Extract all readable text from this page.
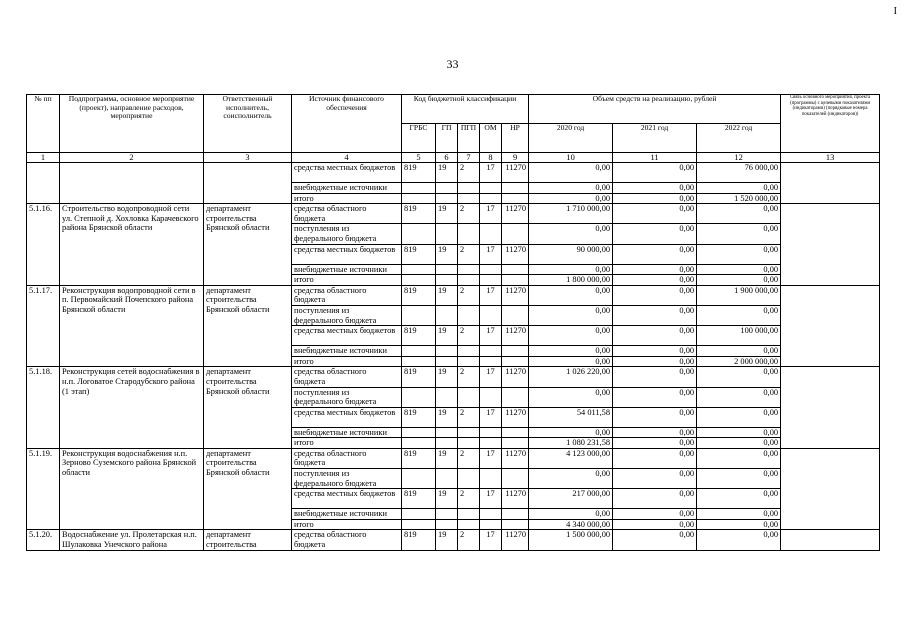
I
33
№ пп	Подпрограмма, основное мероприятие (проект), направление расходов, мероприятие	Ответственный исполнитель, соисполнитель	Источник финансового обеспечения	Код бюджетной классификации					Объем средств на реализацию, рублей			Связь основного мероприятия, проекта (программы) с целевыми показателями (индикаторами) (порядковые номера показателей (индикаторов))
				ГРБС	ГП	ПГП	ОМ	НР	2020 год	2021 год	2022 год	
1	2	3	4	5	6	7	8	9	10	11	12	13
			средства местных бюджетов	819	19	2	17	11270	0,00	0,00	76 000,00	
			внебюджетные источники						0,00	0,00	0,00	
			итого						0,00	0,00	1 520 000,00	
5.1.16.	Строительство водопроводной сети ул. Степной д. Хохловка Карачевского района Брянской области	департамент строительства Брянской области	средства областного бюджета	819	19	2	17	11270	1 710 000,00	0,00	0,00	
			поступления из федерального бюджета						0,00	0,00	0,00	
			средства местных бюджетов	819	19	2	17	11270	90 000,00	0,00	0,00	
			внебюджетные источники						0,00	0,00	0,00	
			итого						1 800 000,00	0,00	0,00	
5.1.17.	Реконструкция водопроводной сети в п. Первомайский Почепского района Брянской области	департамент строительства Брянской области	средства областного бюджета	819	19	2	17	11270	0,00	0,00	1 900 000,00	
			поступления из федерального бюджета						0,00	0,00	0,00	
			средства местных бюджетов	819	19	2	17	11270	0,00	0,00	100 000,00	
			внебюджетные источники						0,00	0,00	0,00	
			итого						0,00	0,00	2 000 000,00	
5.1.18.	Реконструкция сетей водоснабжения в н.п. Логоватое Стародубского района (1 этап)	департамент строительства Брянской области	средства областного бюджета	819	19	2	17	11270	1 026 220,00	0,00	0,00	
			поступления из федерального бюджета						0,00	0,00	0,00	
			средства местных бюджетов	819	19	2	17	11270	54 011,58	0,00	0,00	
			внебюджетные источники						0,00	0,00	0,00	
			итого						1 080 231,58	0,00	0,00	
5.1.19.	Реконструкция водоснабжения н.п. Зерново Суземского района Брянской области	департамент строительства Брянской области	средства областного бюджета	819	19	2	17	11270	4 123 000,00	0,00	0,00	
			поступления из федерального бюджета						0,00	0,00	0,00	
			средства местных бюджетов	819	19	2	17	11270	217 000,00	0,00	0,00	
			внебюджетные источники						0,00	0,00	0,00	
			итого						4 340 000,00	0,00	0,00	
5.1.20.	Водоснабжение ул. Пролетарская н.п. Шулаковка Унечского района	департамент строительства	средства областного бюджета	819	19	2	17	11270	1 500 000,00	0,00	0,00	
